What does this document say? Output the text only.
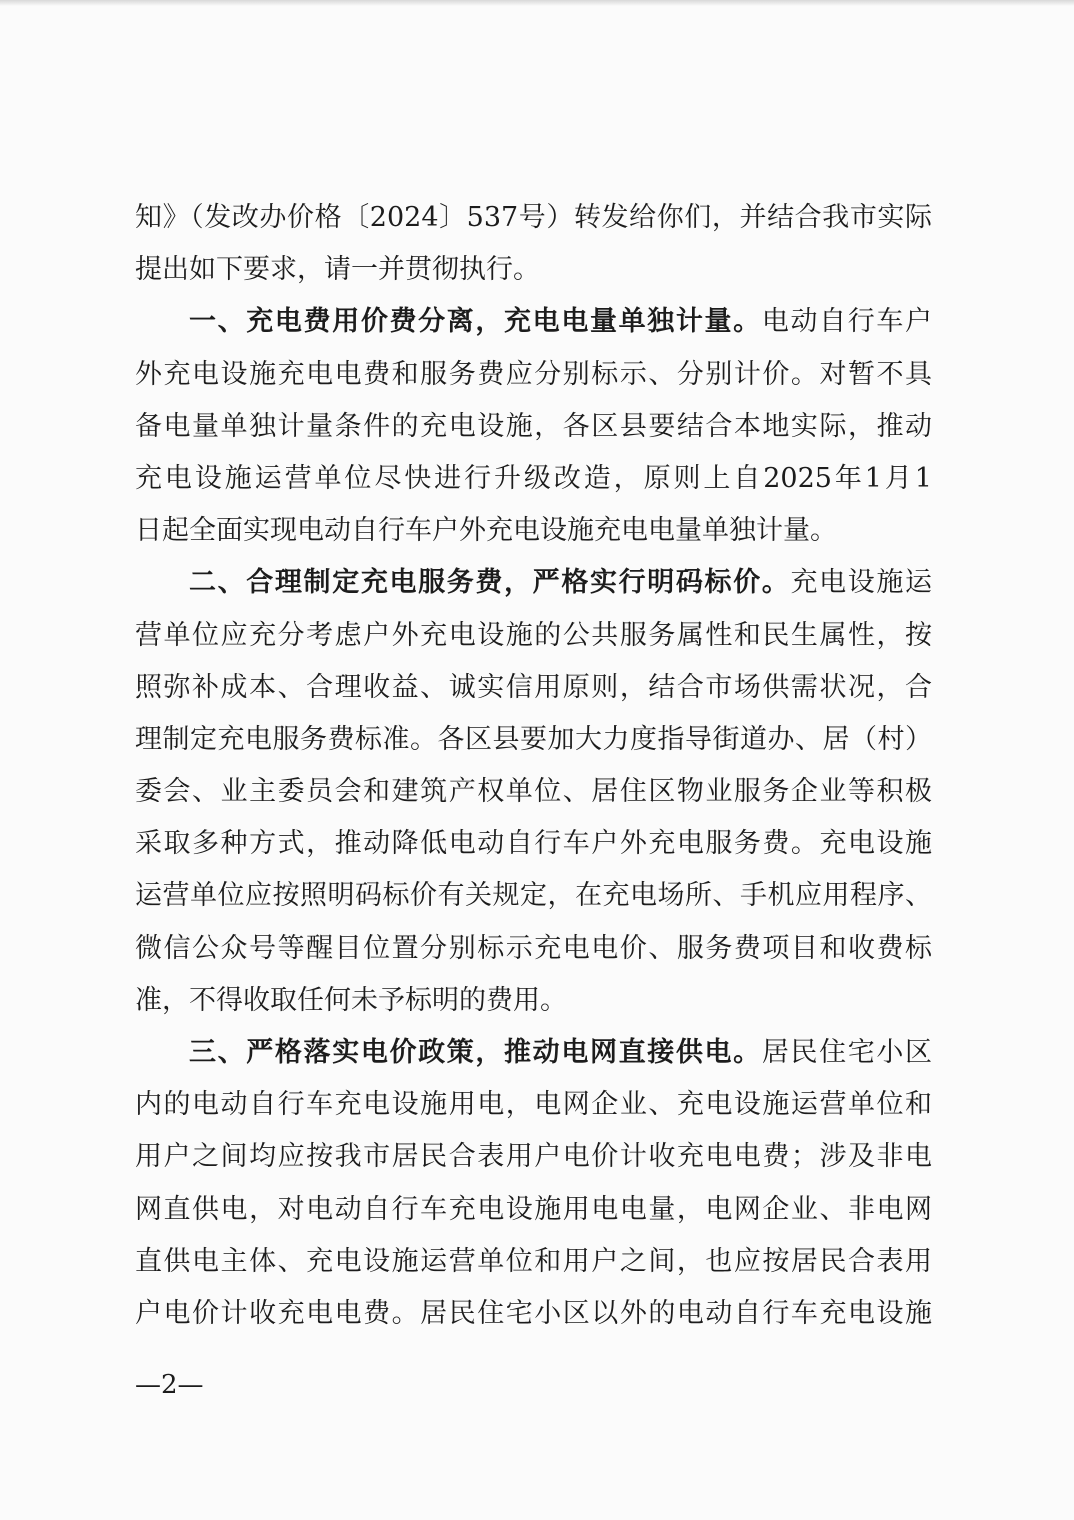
知》（发改办价格〔2024〕537号）转发给你们，并结合我市实际
提出如下要求，请一并贯彻执行。
一、充电费用价费分离，充电电量单独计量。电动自行车户
外充电设施充电电费和服务费应分别标示、分别计价。对暂不具
备电量单独计量条件的充电设施，各区县要结合本地实际，推动
充电设施运营单位尽快进行升级改造，原则上自2025年1月1
日起全面实现电动自行车户外充电设施充电电量单独计量。
二、合理制定充电服务费，严格实行明码标价。充电设施运
营单位应充分考虑户外充电设施的公共服务属性和民生属性，按
照弥补成本、合理收益、诚实信用原则，结合市场供需状况，合
理制定充电服务费标准。各区县要加大力度指导街道办、居（村）
委会、业主委员会和建筑产权单位、居住区物业服务企业等积极
采取多种方式，推动降低电动自行车户外充电服务费。充电设施
运营单位应按照明码标价有关规定，在充电场所、手机应用程序、
微信公众号等醒目位置分别标示充电电价、服务费项目和收费标
准，不得收取任何未予标明的费用。
三、严格落实电价政策，推动电网直接供电。居民住宅小区
内的电动自行车充电设施用电，电网企业、充电设施运营单位和
用户之间均应按我市居民合表用户电价计收充电电费；涉及非电
网直供电，对电动自行车充电设施用电电量，电网企业、非电网
直供电主体、充电设施运营单位和用户之间，也应按居民合表用
户电价计收充电电费。居民住宅小区以外的电动自行车充电设施
—2—
